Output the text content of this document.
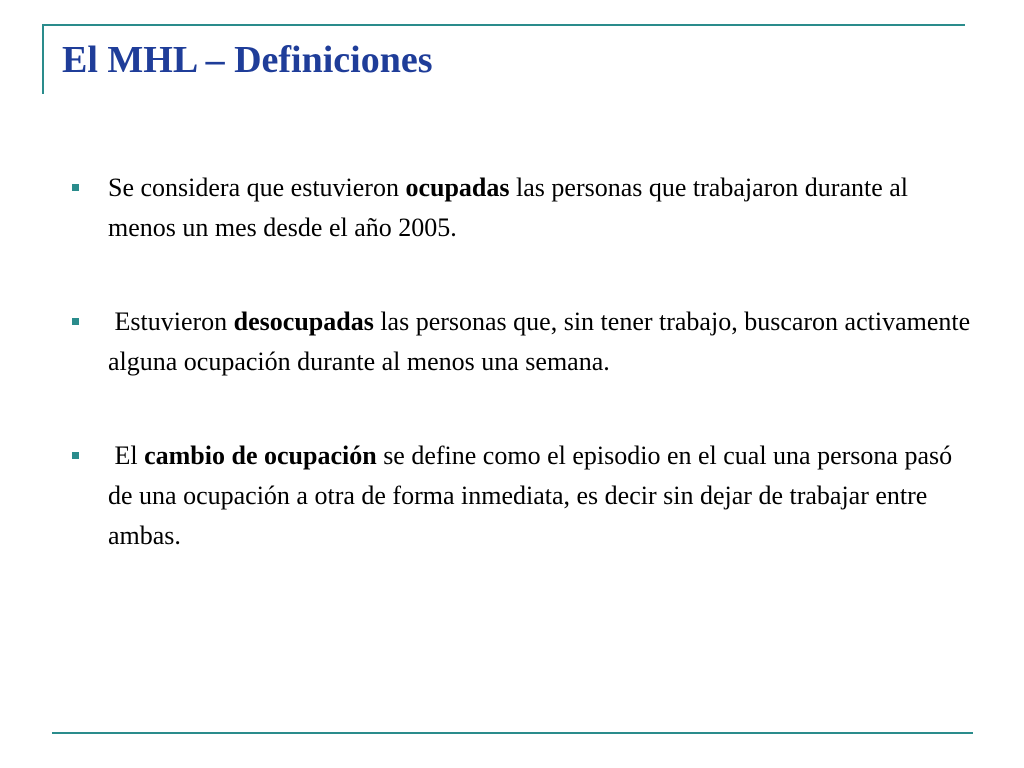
El MHL – Definiciones
Se considera que estuvieron ocupadas las personas que trabajaron durante al menos un mes desde el año 2005.
Estuvieron desocupadas las personas que, sin tener trabajo, buscaron activamente alguna ocupación durante al menos una semana.
El cambio de ocupación se define como el episodio en el cual una persona pasó de una ocupación a otra de forma inmediata, es decir sin dejar de trabajar entre ambas.
